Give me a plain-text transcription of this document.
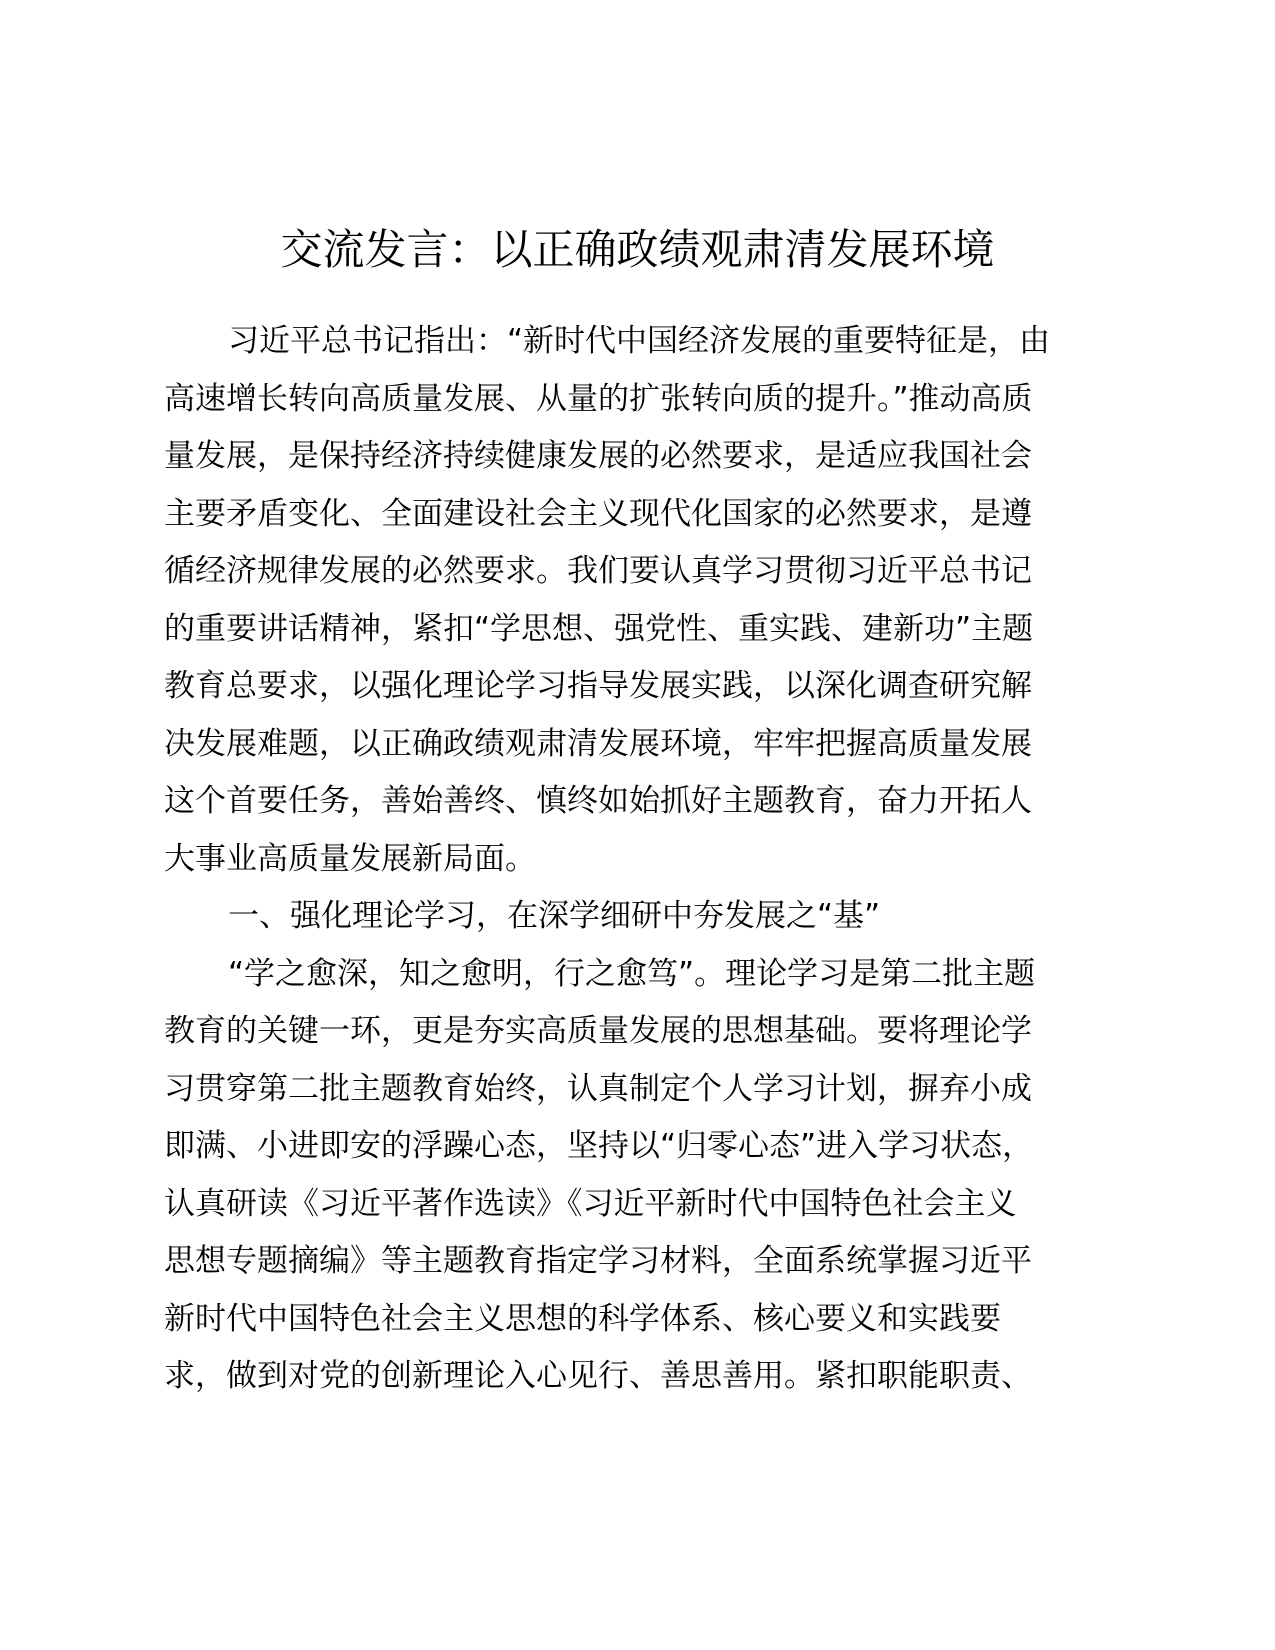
交流发言：以正确政绩观肃清发展环境
习近平总书记指出：“新时代中国经济发展的重要特征是，由
高速增长转向高质量发展、从量的扩张转向质的提升。”推动高质
量发展，是保持经济持续健康发展的必然要求，是适应我国社会
主要矛盾变化、全面建设社会主义现代化国家的必然要求，是遵
循经济规律发展的必然要求。我们要认真学习贯彻习近平总书记
的重要讲话精神，紧扣“学思想、强党性、重实践、建新功”主题
教育总要求，以强化理论学习指导发展实践，以深化调查研究解
决发展难题，以正确政绩观肃清发展环境，牢牢把握高质量发展
这个首要任务，善始善终、慎终如始抓好主题教育，奋力开拓人
大事业高质量发展新局面。
一、强化理论学习，在深学细研中夯发展之“基”
“学之愈深，知之愈明，行之愈笃”。理论学习是第二批主题
教育的关键一环，更是夯实高质量发展的思想基础。要将理论学
习贯穿第二批主题教育始终，认真制定个人学习计划，摒弃小成
即满、小进即安的浮躁心态，坚持以“归零心态”进入学习状态，
认真研读《习近平著作选读》《习近平新时代中国特色社会主义
思想专题摘编》等主题教育指定学习材料，全面系统掌握习近平
新时代中国特色社会主义思想的科学体系、核心要义和实践要
求，做到对党的创新理论入心见行、善思善用。紧扣职能职责、
